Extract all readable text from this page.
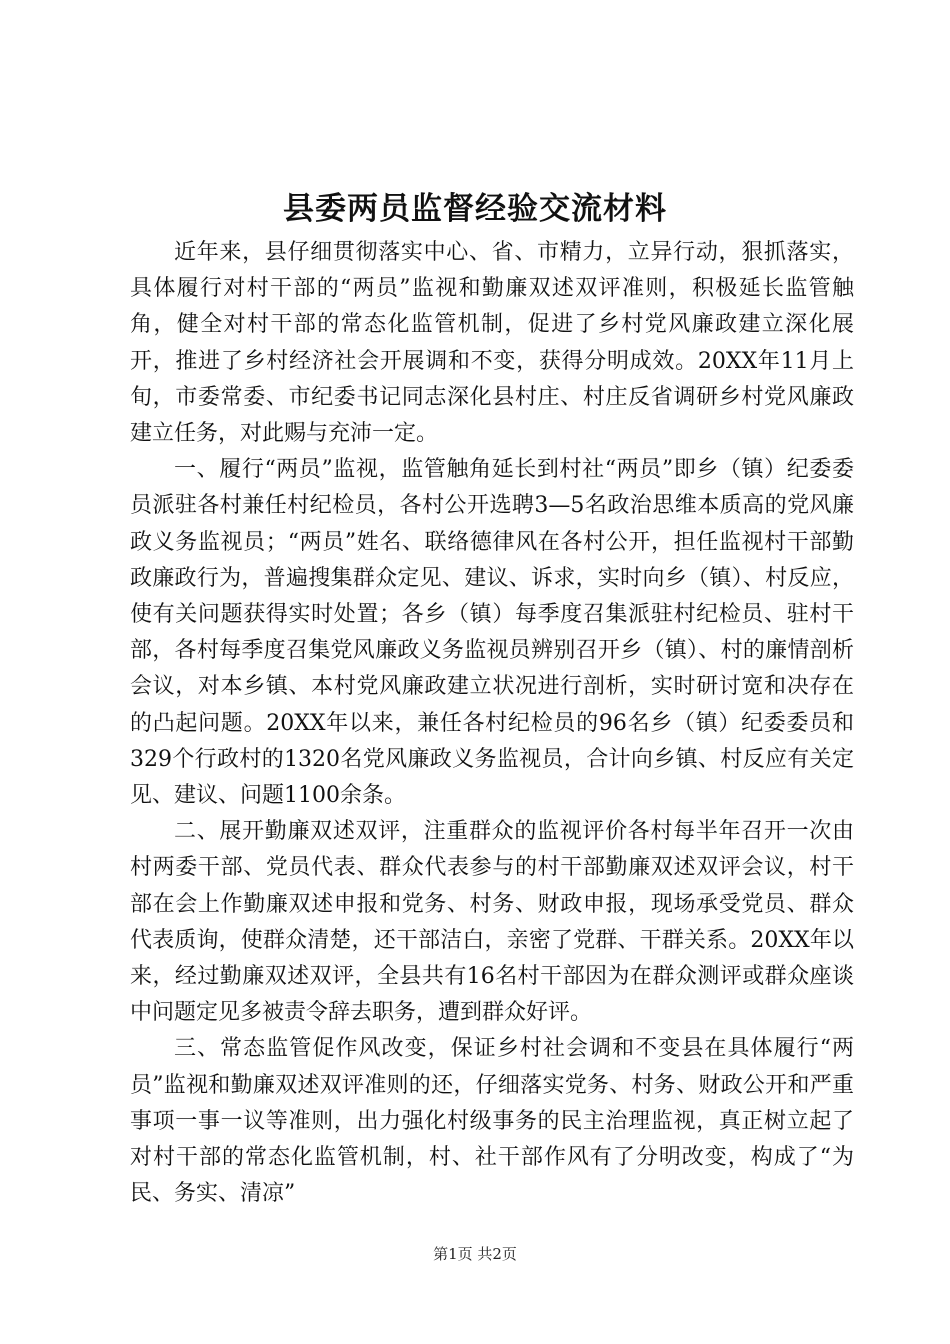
县委两员监督经验交流材料

近年来，县仔细贯彻落实中心、省、市精力，立异行动，狠抓落实，具体履行对村干部的“两员”监视和勤廉双述双评准则，积极延长监管触角，健全对村干部的常态化监管机制，促进了乡村党风廉政建立深化展开，推进了乡村经济社会开展调和不变，获得分明成效。20XX年11月上旬，市委常委、市纪委书记同志深化县村庄、村庄反省调研乡村党风廉政建立任务，对此赐与充沛一定。

一、履行“两员”监视，监管触角延长到村社“两员”即乡（镇）纪委委员派驻各村兼任村纪检员，各村公开选聘3—5名政治思维本质高的党风廉政义务监视员；“两员”姓名、联络德律风在各村公开，担任监视村干部勤政廉政行为，普遍搜集群众定见、建议、诉求，实时向乡（镇）、村反应，使有关问题获得实时处置；各乡（镇）每季度召集派驻村纪检员、驻村干部，各村每季度召集党风廉政义务监视员辨别召开乡（镇）、村的廉情剖析会议，对本乡镇、本村党风廉政建立状况进行剖析，实时研讨宽和决存在的凸起问题。20XX年以来，兼任各村纪检员的96名乡（镇）纪委委员和329个行政村的1320名党风廉政义务监视员，合计向乡镇、村反应有关定见、建议、问题1100余条。

二、展开勤廉双述双评，注重群众的监视评价各村每半年召开一次由村两委干部、党员代表、群众代表参与的村干部勤廉双述双评会议，村干部在会上作勤廉双述申报和党务、村务、财政申报，现场承受党员、群众代表质询，使群众清楚，还干部洁白，亲密了党群、干群关系。20XX年以来，经过勤廉双述双评，全县共有16名村干部因为在群众测评或群众座谈中问题定见多被责令辞去职务，遭到群众好评。

三、常态监管促作风改变，保证乡村社会调和不变县在具体履行“两员”监视和勤廉双述双评准则的还，仔细落实党务、村务、财政公开和严重事项一事一议等准则，出力强化村级事务的民主治理监视，真正树立起了对村干部的常态化监管机制，村、社干部作风有了分明改变，构成了“为民、务实、清凉”

第1页 共2页
